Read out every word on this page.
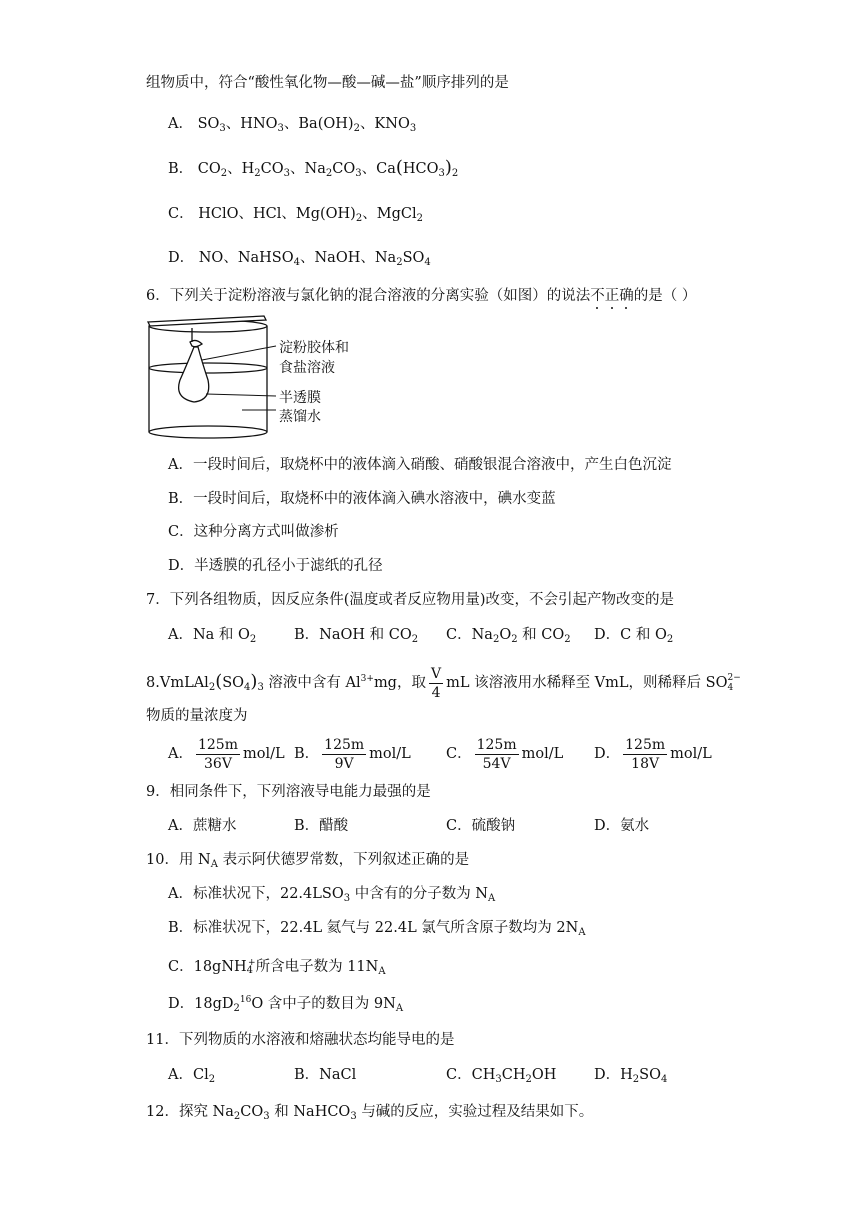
组物质中，符合“酸性氧化物—酸—碱—盐”顺序排列的是
A． $SO_3$、$HNO_3$、$Ba(OH)_2$、$KNO_3$
B． $CO_2$、$H_2CO_3$、$Na_2CO_3$、$Ca(HCO_3)_2$
C． HClO、HCl、$Mg(OH)_2$、MgCl$_2$
D． NO、NaHSO$_4$、NaOH、$Na_2SO_4$
6．下列关于淀粉溶液与氯化钠的混合溶液的分离实验（如图）的说法不正确的是（ ）
淀粉胶体和
食盐溶液
半透膜
蒸馏水
A．一段时间后，取烧杯中的液体滴入硝酸、硝酸银混合溶液中，产生白色沉淀
B．一段时间后，取烧杯中的液体滴入碘水溶液中，碘水变蓝
C．这种分离方式叫做渗析
D．半透膜的孔径小于滤纸的孔径
7．下列各组物质，因反应条件(温度或者反应物用量)改变，不会引起产物改变的是
A．Na 和 $O_2$	B．NaOH 和 $CO_2$ C．$Na_2O_2$ 和 $CO_2$ D．C 和 $O_2$
$8.VmLAl_2(SO_4)_3$ 溶液中含有 $Al^{3+}mg$，取 $\frac{V}{4}$ mL 该溶液用水稀释至 VmL，则稀释后 SO 2−
4
物质的量浓度为
A． $\frac{125m}{36V} mol/L$ B． $\frac{125m}{9V} mol/L$ C． $\frac{125m}{54V} mol/L$ D． $\frac{125m}{18V} mol/L$
9．相同条件下，下列溶液导电能力最强的是
A．蔗糖水	B．醋酸	C．硫酸钠	D．氨水
10．用 $N_A$ 表示阿伏德罗常数，下列叙述正确的是
A．标准状况下，$22.4LSO_3$ 中含有的分子数为 $N_A$
B．标准状况下，22.4L 氦气与 22.4L 氯气所含原子数均为 $2N_A$
C．18gNH$_4$+所含电子数为 $11N_A$
D．$18gD_2^{16}O$ 含中子的数目为 $9N_A$
11．下列物质的水溶液和熔融状态均能导电的是
A．$Cl_2$	B．NaCl	C．$CH_3CH_2OH$	D．$H_2SO_4$
12．探究 $Na_2CO_3$ 和 NaHCO$_3$ 与碱的反应，实验过程及结果如下。
